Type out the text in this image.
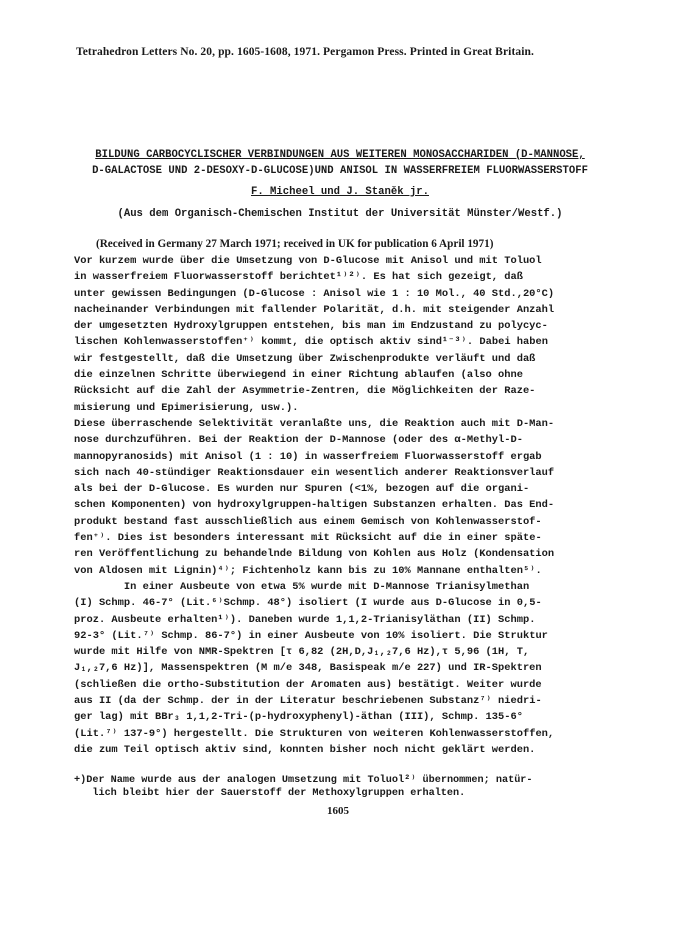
Tetrahedron Letters No. 20, pp. 1605-1608, 1971. Pergamon Press. Printed in Great Britain.
BILDUNG CARBOCYCLISCHER VERBINDUNGEN AUS WEITEREN MONOSACCHARIDEN (D-MANNOSE,
D-GALACTOSE UND 2-DESOXY-D-GLUCOSE)UND ANISOL IN WASSERFREIEM FLUORWASSERSTOFF
F. Micheel und J. Staněk jr.
(Aus dem Organisch-Chemischen Institut der Universität Münster/Westf.)
(Received in Germany 27 March 1971; received in UK for publication 6 April 1971)
Vor kurzem wurde über die Umsetzung von D-Glucose mit Anisol und mit Toluol
in wasserfreiem Fluorwasserstoff berichtet¹⁾²⁾. Es hat sich gezeigt, daß
unter gewissen Bedingungen (D-Glucose : Anisol wie 1 : 10 Mol., 40 Std.,20°C)
nacheinander Verbindungen mit fallender Polarität, d.h. mit steigender Anzahl
der umgesetzten Hydroxylgruppen entstehen, bis man im Endzustand zu polycyc-
lischen Kohlenwasserstoffen⁺⁾ kommt, die optisch aktiv sind¹⁻³⁾. Dabei haben
wir festgestellt, daß die Umsetzung über Zwischenprodukte verläuft und daß
die einzelnen Schritte überwiegend in einer Richtung ablaufen (also ohne
Rücksicht auf die Zahl der Asymmetrie-Zentren, die Möglichkeiten der Raze-
misierung und Epimerisierung, usw.).
Diese überraschende Selektivität veranlaßte uns, die Reaktion auch mit D-Man-
nose durchzuführen. Bei der Reaktion der D-Mannose (oder des α-Methyl-D-
mannopyranosids) mit Anisol (1 : 10) in wasserfreiem Fluorwasserstoff ergab
sich nach 40-stündiger Reaktionsdauer ein wesentlich anderer Reaktionsverlauf
als bei der D-Glucose. Es wurden nur Spuren (<1%, bezogen auf die organi-
schen Komponenten) von hydroxylgruppen-haltigen Substanzen erhalten. Das End-
produkt bestand fast ausschließlich aus einem Gemisch von Kohlenwasserstof-
fen⁺⁾. Dies ist besonders interessant mit Rücksicht auf die in einer späte-
ren Veröffentlichung zu behandelnde Bildung von Kohlen aus Holz (Kondensation
von Aldosen mit Lignin)⁴⁾; Fichtenholz kann bis zu 10% Mannane enthalten⁵⁾.
In einer Ausbeute von etwa 5% wurde mit D-Mannose Trianisylmethan
(I) Schmp. 46-7° (Lit.⁶⁾Schmp. 48°) isoliert (I wurde aus D-Glucose in 0,5-
proz. Ausbeute erhalten¹⁾). Daneben wurde 1,1,2-Trianisyläthan (II) Schmp.
92-3° (Lit.⁷⁾ Schmp. 86-7°) in einer Ausbeute von 10% isoliert. Die Struktur
wurde mit Hilfe von NMR-Spektren [τ 6,82 (2H,D,J₁,₂7,6 Hz),τ 5,96 (1H, T,
J₁,₂7,6 Hz)], Massenspektren (M m/e 348, Basispeak m/e 227) und IR-Spektren
(schließen die ortho-Substitution der Aromaten aus) bestätigt. Weiter wurde
aus II (da der Schmp. der in der Literatur beschriebenen Substanz⁷⁾ niedri-
ger lag) mit BBr₃ 1,1,2-Tri-(p-hydroxyphenyl)-äthan (III), Schmp. 135-6°
(Lit.⁷⁾ 137-9°) hergestellt. Die Strukturen von weiteren Kohlenwasserstoffen,
die zum Teil optisch aktiv sind, konnten bisher noch nicht geklärt werden.
+)Der Name wurde aus der analogen Umsetzung mit Toluol²⁾ übernommen; natür-
lich bleibt hier der Sauerstoff der Methoxylgruppen erhalten.
1605
